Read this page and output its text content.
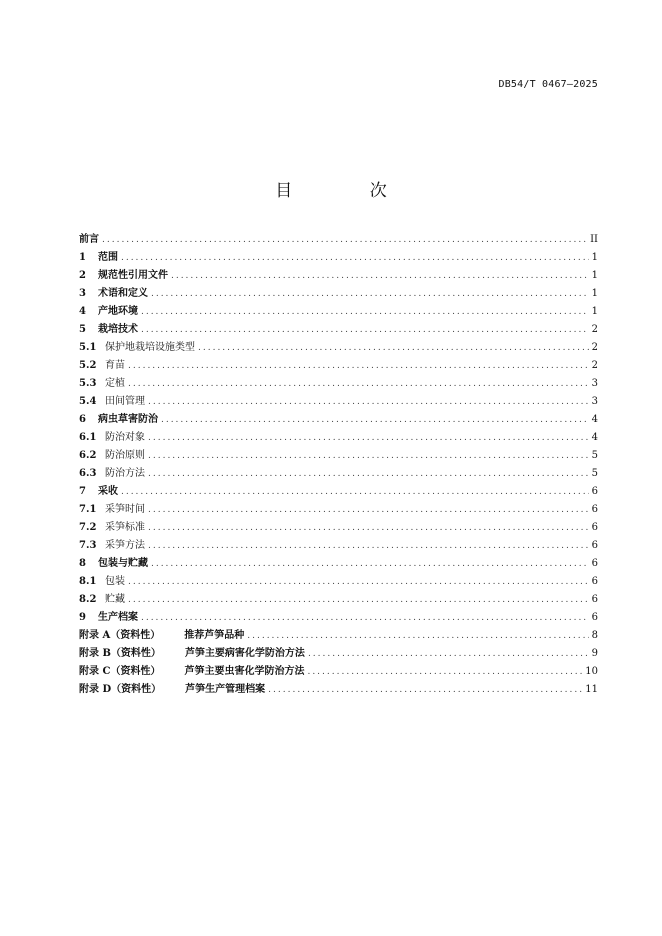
DB54/T 0467—2025
目 次
前言 .....	II
1	范围 .....	1
2	规范性引用文件 .....	1
3	术语和定义 .....	1
4	产地环境 .....	1
5	栽培技术 .....	2
5.1 保护地栽培设施类型 .....	2
5.2 育苗 .....	2
5.3 定植 .....	3
5.4 田间管理 .....	3
6	病虫草害防治 .....	4
6.1 防治对象 .....	4
6.2 防治原则 .....	5
6.3 防治方法 .....	5
7	采收 .....	6
7.1 采笋时间 .....	6
7.2 采笋标准 .....	6
7.3 采笋方法 .....	6
8	包装与贮藏 .....	6
8.1 包装 .....	6
8.2 贮藏 .....	6
9	生产档案 .....	6
附录 A（资料性）	推荐芦笋品种 .....	8
附录 B（资料性）	芦笋主要病害化学防治方法 .....	9
附录 C（资料性）	芦笋主要虫害化学防治方法 .....	10
附录 D（资料性）	芦笋生产管理档案 .....	11
